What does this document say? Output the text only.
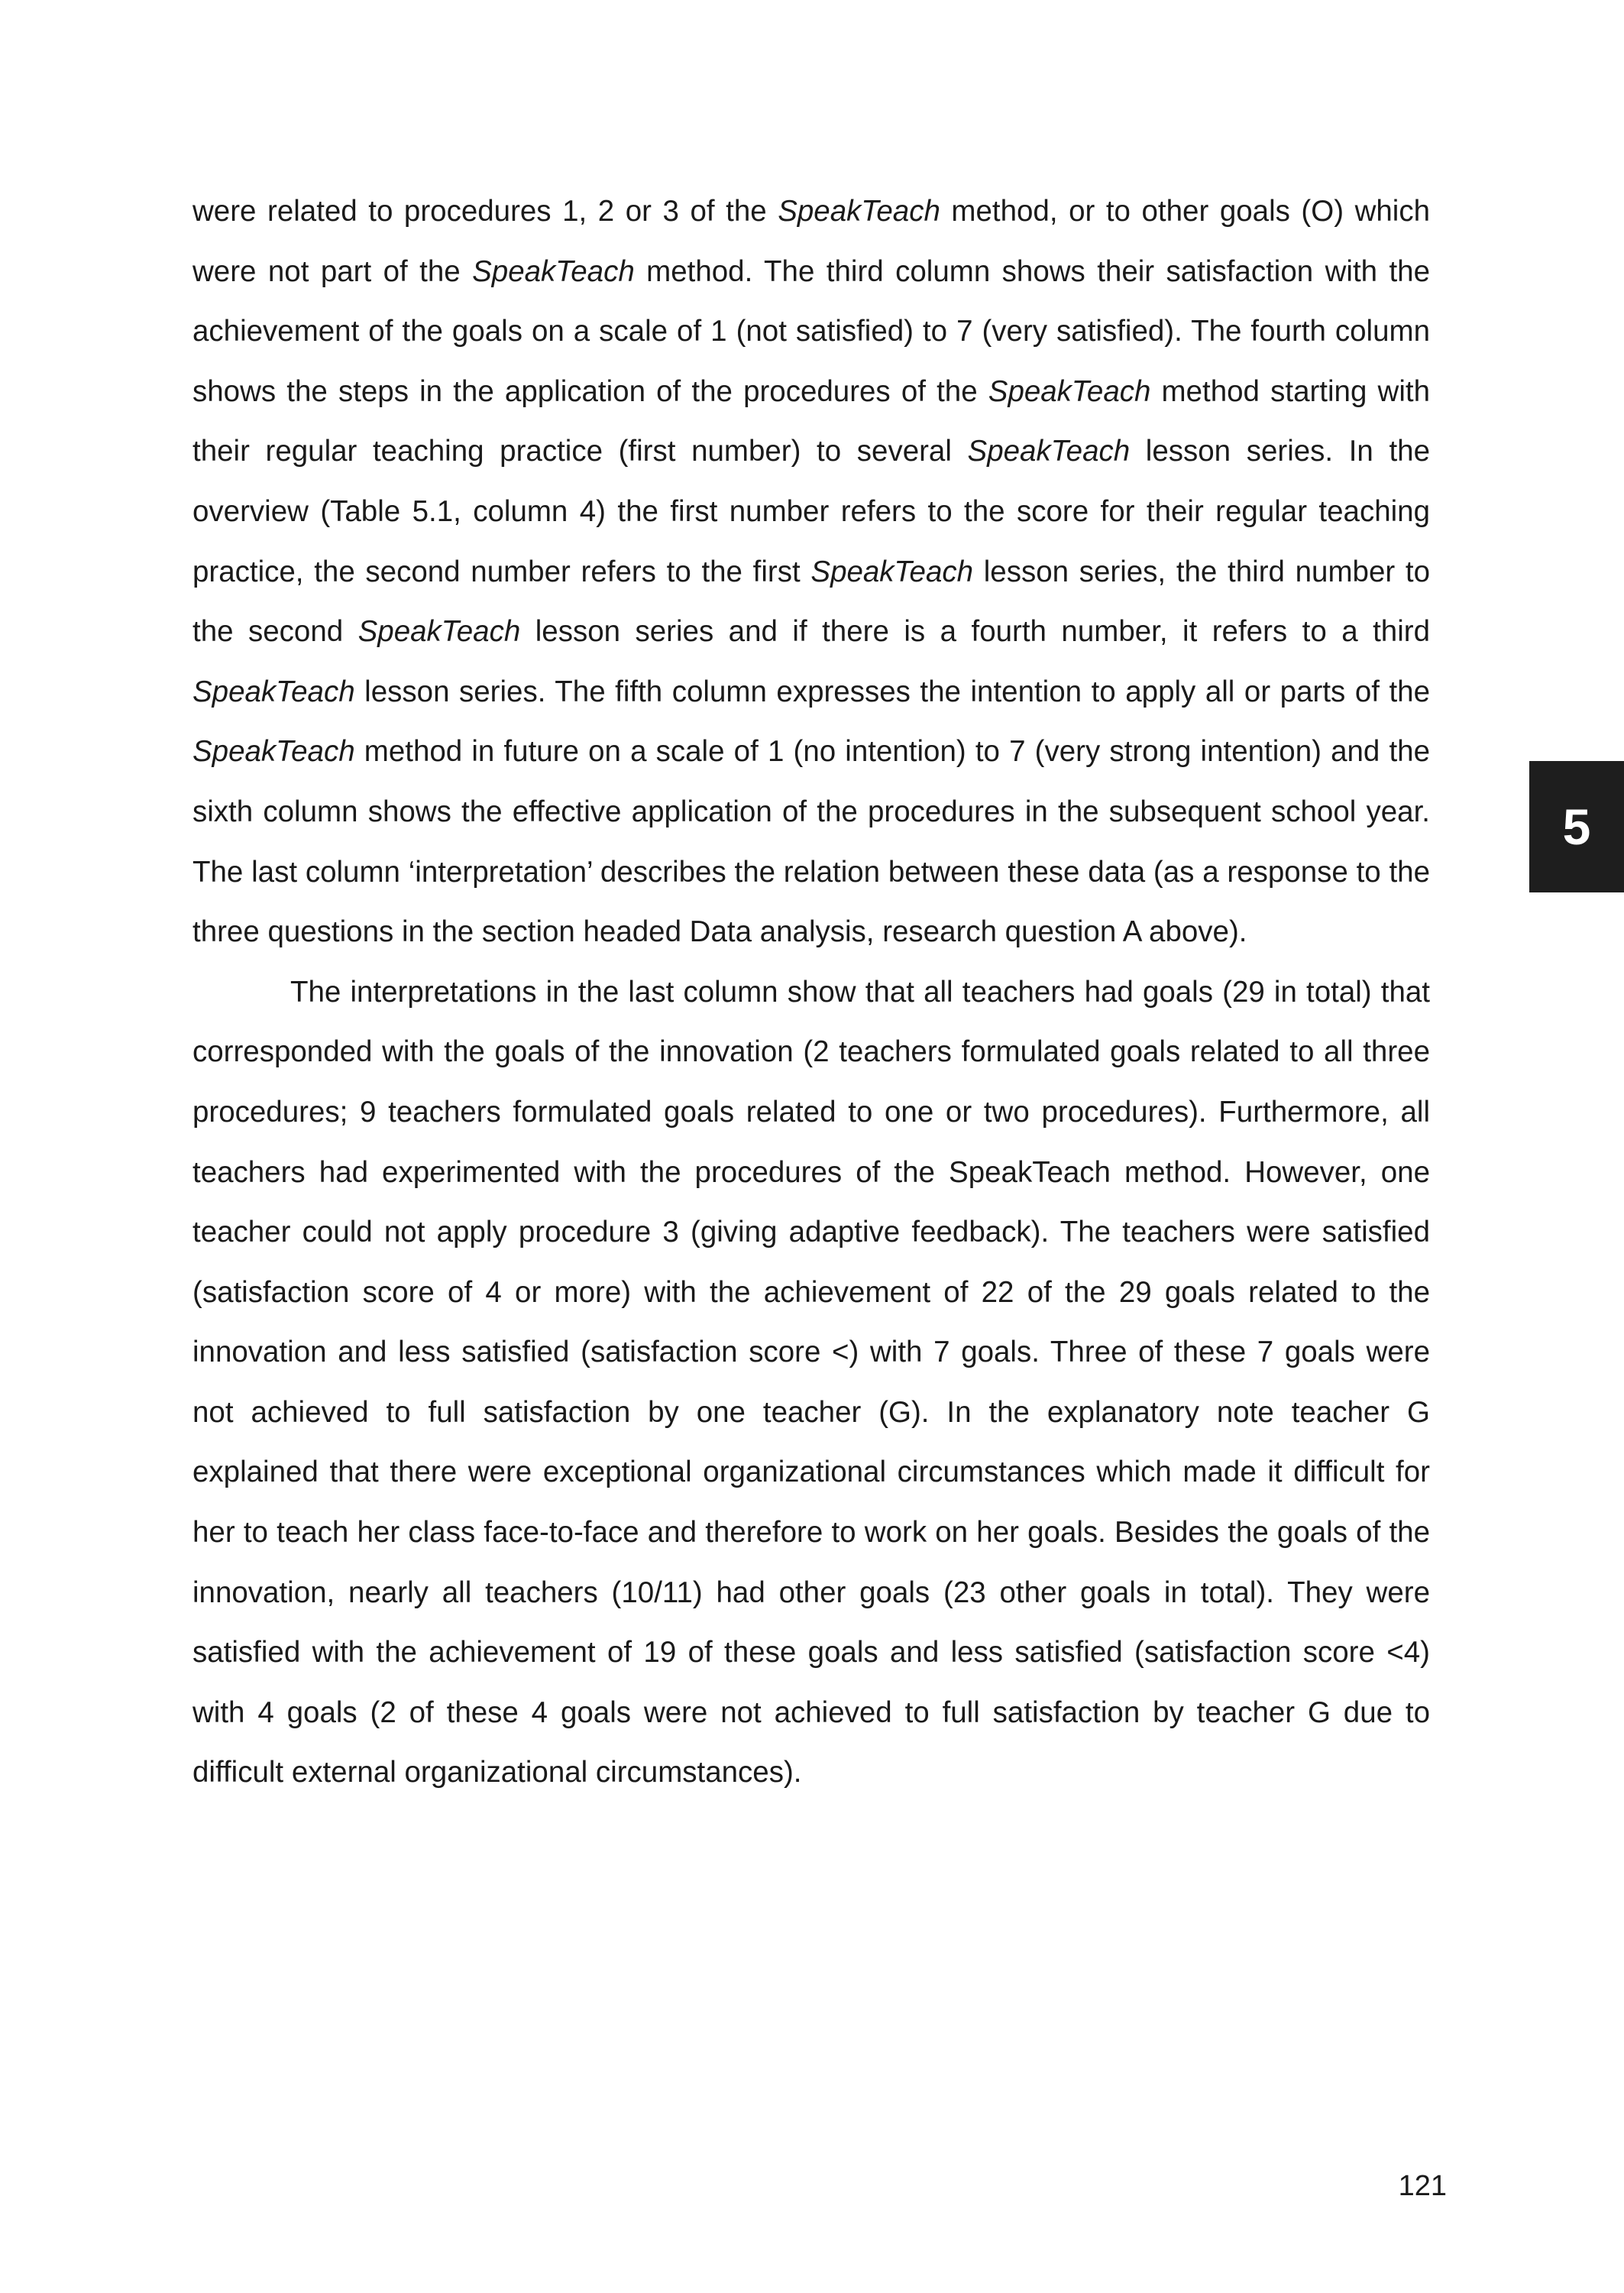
were related to procedures 1, 2 or 3 of the SpeakTeach method, or to other goals (O) which were not part of the SpeakTeach method. The third column shows their satisfaction with the achievement of the goals on a scale of 1 (not satisfied) to 7 (very satisfied). The fourth column shows the steps in the application of the procedures of the SpeakTeach method starting with their regular teaching practice (first number) to several SpeakTeach lesson series. In the overview (Table 5.1, column 4) the first number refers to the score for their regular teaching practice, the second number refers to the first SpeakTeach lesson series, the third number to the second SpeakTeach lesson series and if there is a fourth number, it refers to a third SpeakTeach lesson series. The fifth column expresses the intention to apply all or parts of the SpeakTeach method in future on a scale of 1 (no intention) to 7 (very strong intention) and the sixth column shows the effective application of the procedures in the subsequent school year. The last column ‘interpretation’ describes the relation between these data (as a response to the three questions in the section headed Data analysis, research question A above).

The interpretations in the last column show that all teachers had goals (29 in total) that corresponded with the goals of the innovation (2 teachers formulated goals related to all three procedures; 9 teachers formulated goals related to one or two procedures). Furthermore, all teachers had experimented with the procedures of the SpeakTeach method. However, one teacher could not apply procedure 3 (giving adaptive feedback). The teachers were satisfied (satisfaction score of 4 or more) with the achievement of 22 of the 29 goals related to the innovation and less satisfied (satisfaction score <) with 7 goals. Three of these 7 goals were not achieved to full satisfaction by one teacher (G). In the explanatory note teacher G explained that there were exceptional organizational circumstances which made it difficult for her to teach her class face-to-face and therefore to work on her goals. Besides the goals of the innovation, nearly all teachers (10/11) had other goals (23 other goals in total). They were satisfied with the achievement of 19 of these goals and less satisfied (satisfaction score <4) with 4 goals (2 of these 4 goals were not achieved to full satisfaction by teacher G due to difficult external organizational circumstances).

5
121
